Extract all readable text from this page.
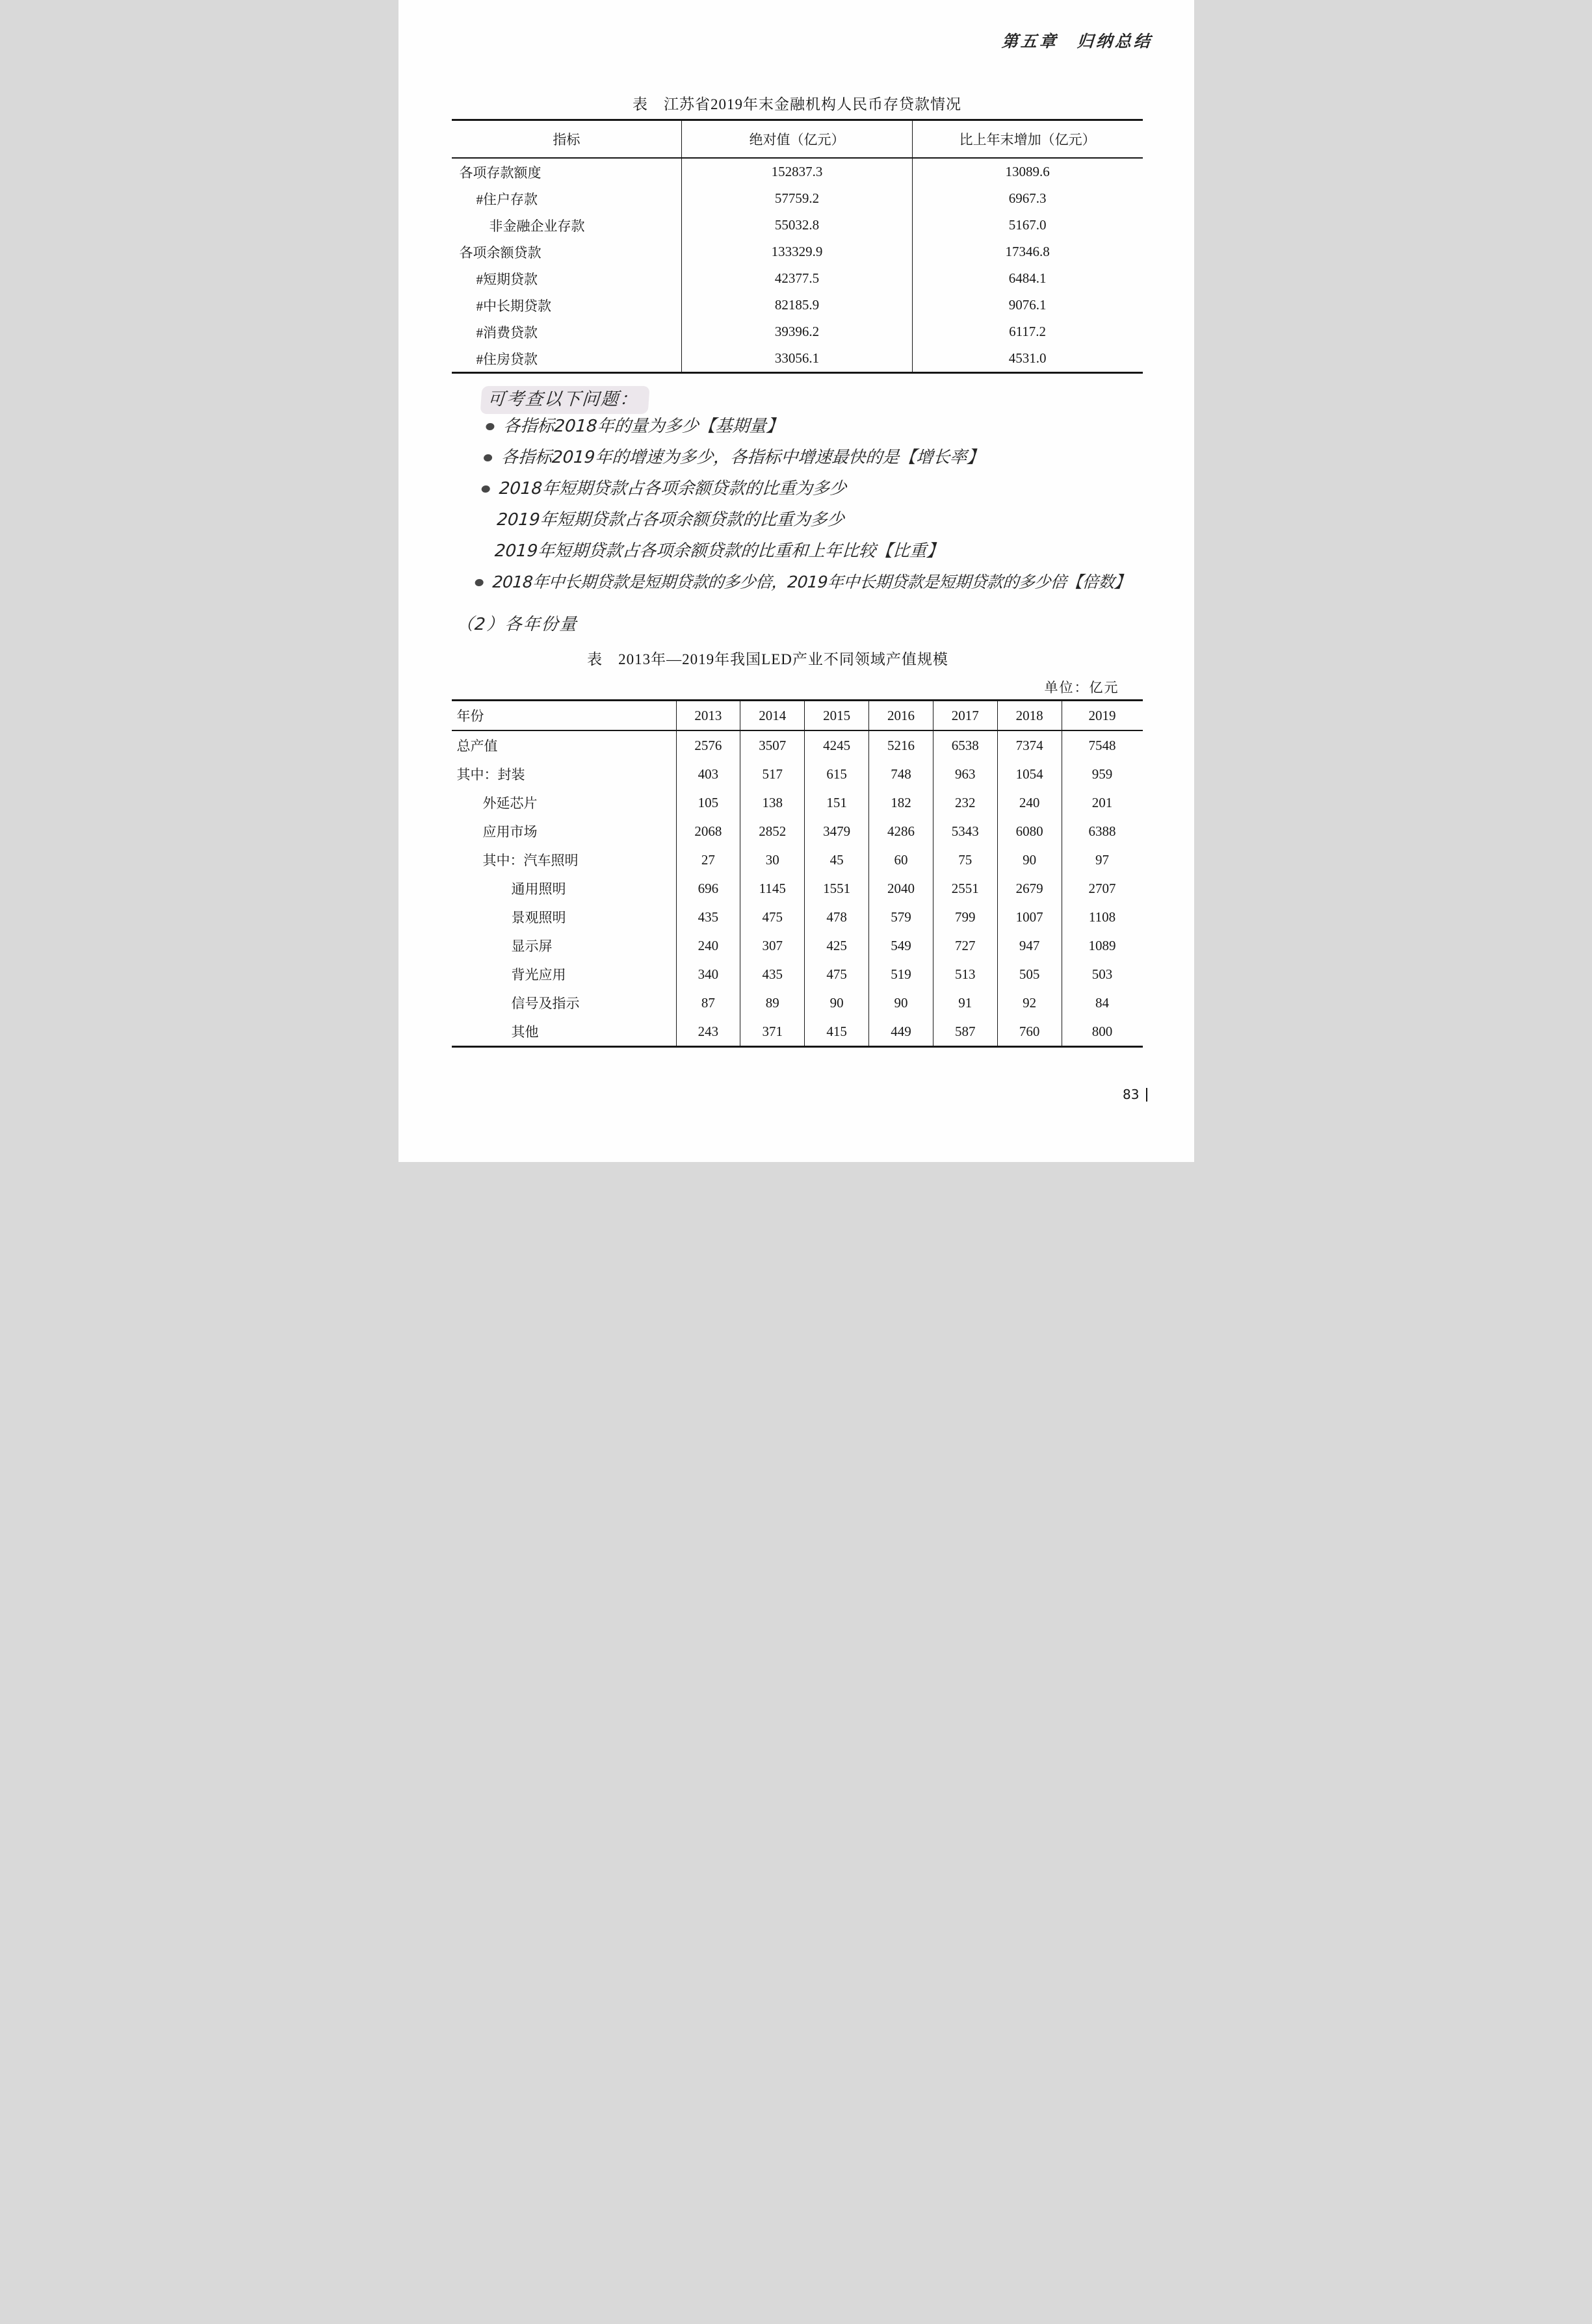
第五章　归纳总结
表　江苏省2019年末金融机构人民币存贷款情况
指标	绝对值（亿元）	比上年末增加（亿元）
各项存款额度	152837.3	13089.6
#住户存款	57759.2	6967.3
非金融企业存款	55032.8	5167.0
各项余额贷款	133329.9	17346.8
#短期贷款	42377.5	6484.1
#中长期贷款	82185.9	9076.1
#消费贷款	39396.2	6117.2
#住房贷款	33056.1	4531.0
可考查以下问题：
各指标2018年的量为多少【基期量】
各指标2019年的增速为多少，各指标中增速最快的是【增长率】
2018年短期贷款占各项余额贷款的比重为多少
2019年短期贷款占各项余额贷款的比重为多少
2019年短期贷款占各项余额贷款的比重和上年比较【比重】
2018年中长期贷款是短期贷款的多少倍，2019年中长期贷款是短期贷款的多少倍【倍数】
（2）各年份量
表　2013年—2019年我国LED产业不同领域产值规模
单位：亿元
年份	2013	2014	2015	2016	2017	2018	2019
总产值	2576	3507	4245	5216	6538	7374	7548
其中：封装	403	517	615	748	963	1054	959
外延芯片	105	138	151	182	232	240	201
应用市场	2068	2852	3479	4286	5343	6080	6388
其中：汽车照明	27	30	45	60	75	90	97
通用照明	696	1145	1551	2040	2551	2679	2707
景观照明	435	475	478	579	799	1007	1108
显示屏	240	307	425	549	727	947	1089
背光应用	340	435	475	519	513	505	503
信号及指示	87	89	90	90	91	92	84
其他	243	371	415	449	587	760	800
83
